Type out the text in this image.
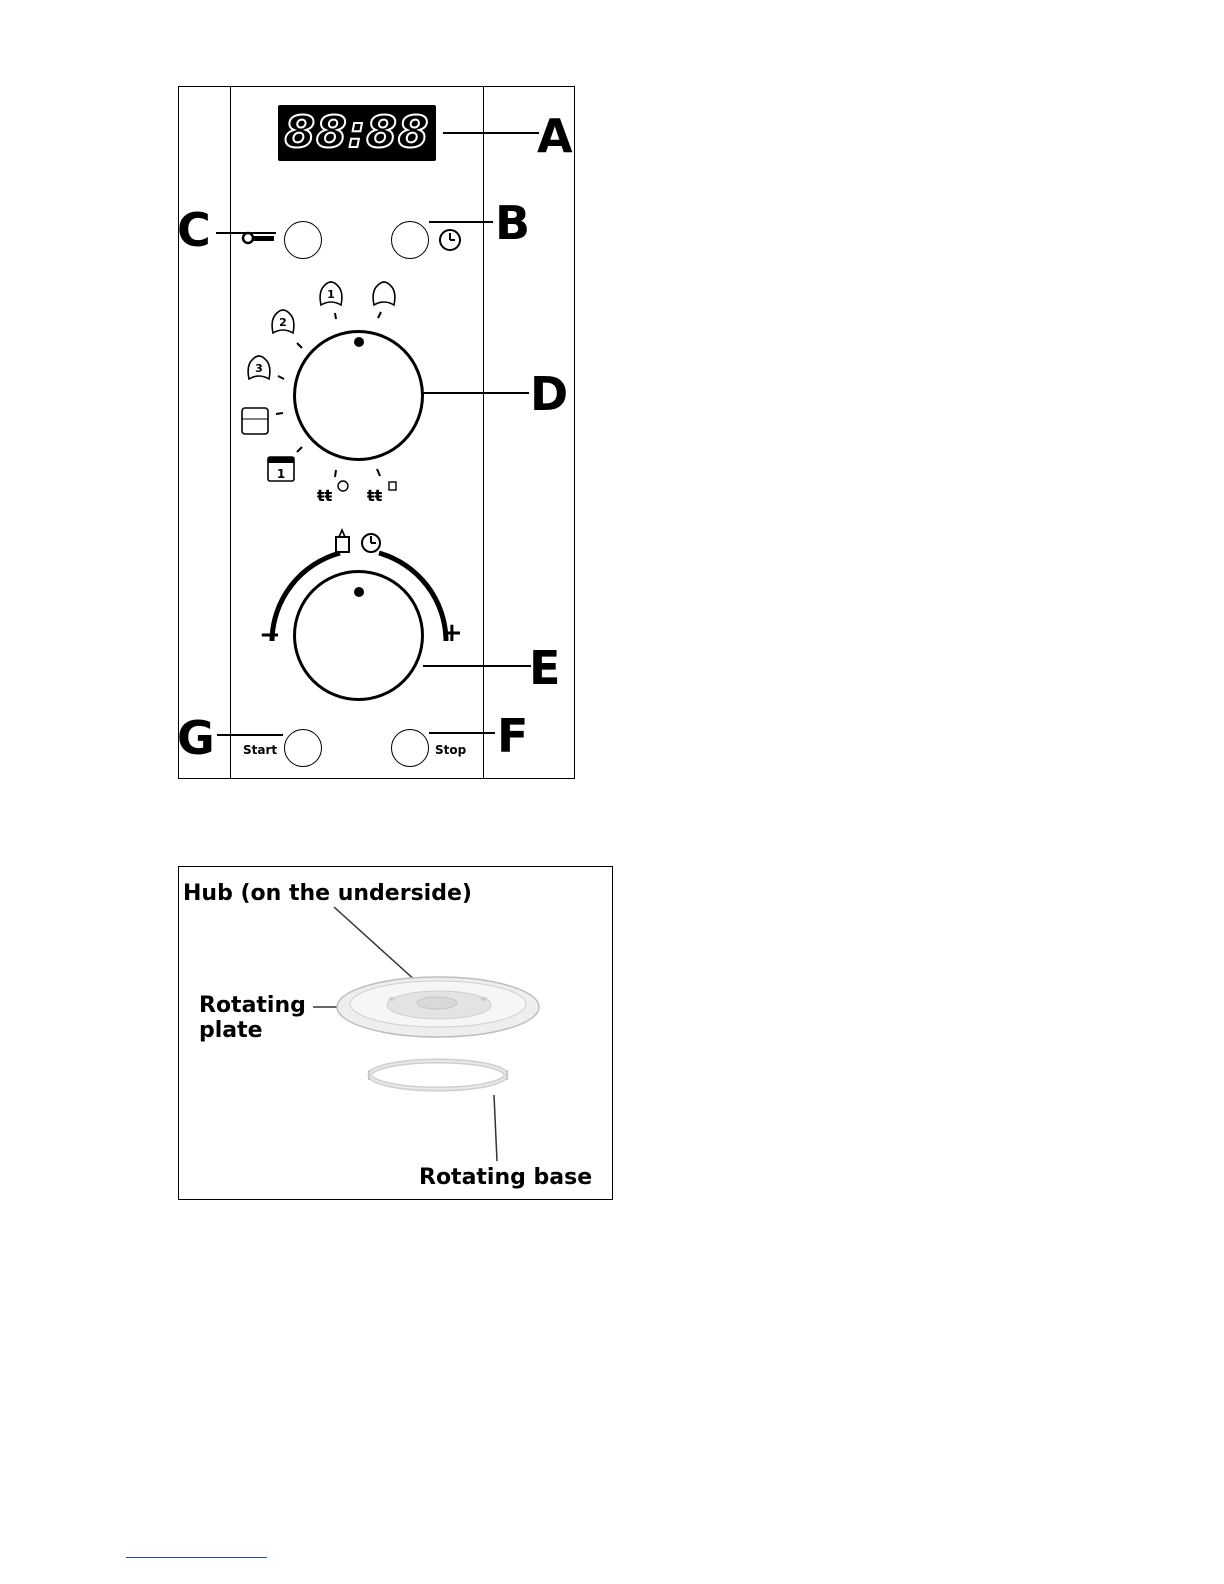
88:88 A
C	B
D
1
2
3
1
ŧŧ ŧŧ
−	+
E
Start
G	Stop F
Hub (on the underside)
Rotating
plate
Rotating base
